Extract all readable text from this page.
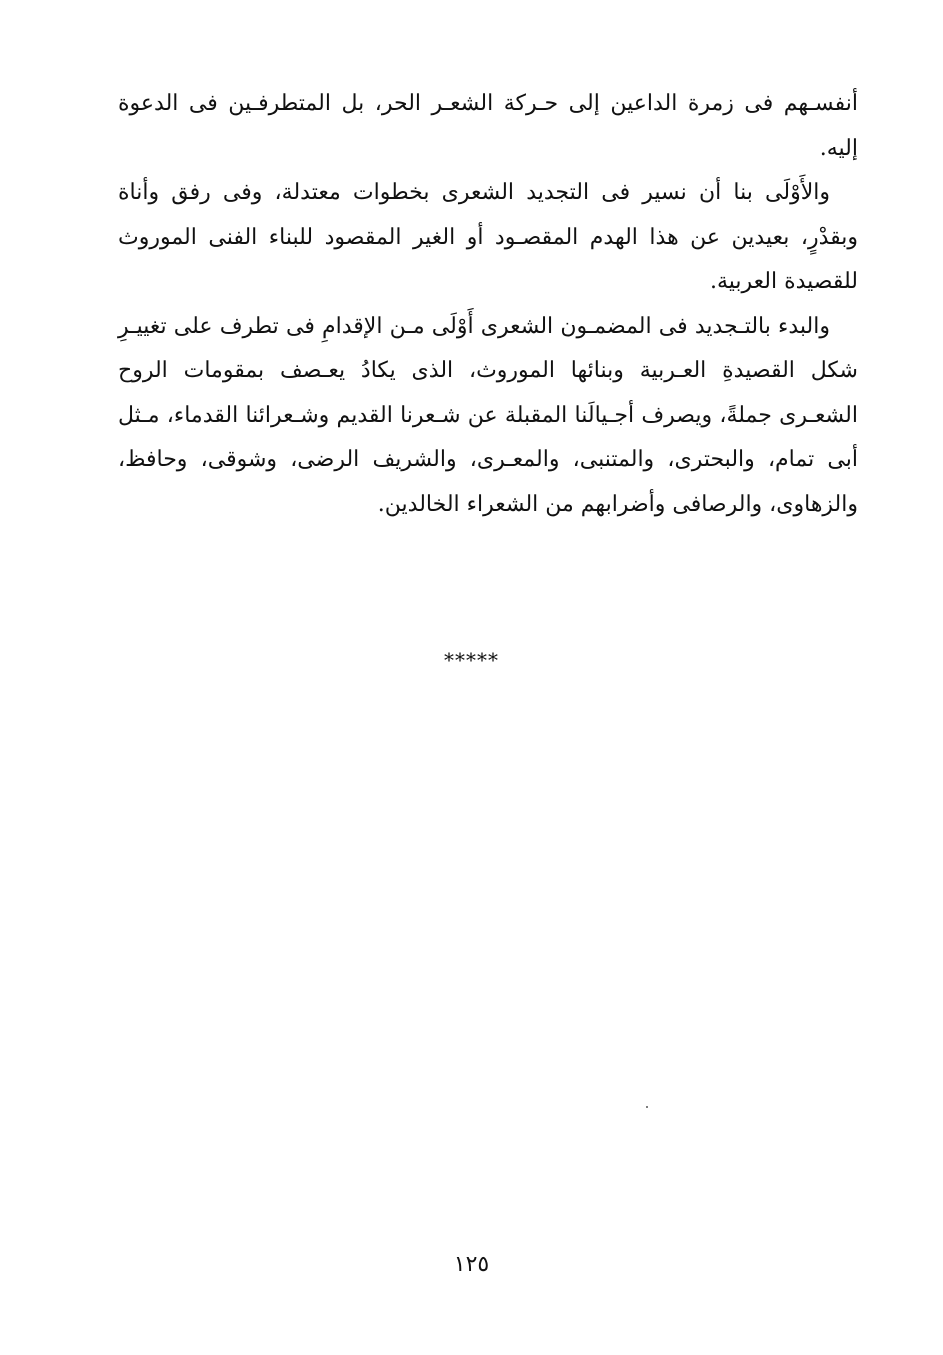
أنفسـهم فى زمرة الداعين إلى حـركة الشعـر الحر، بل المتطرفـين فى الدعوة إليه.

والأَوْلَى بنا أن نسير فى التجديد الشعرى بخطوات معتدلة، وفى رفق وأناة وبقدْرٍ، بعيدين عن هذا الهدم المقصـود أو الغير المقصود للبناء الفنى الموروث للقصيدة العربية.

والبدء بالتـجديد فى المضمـون الشعرى أَوْلَى مـن الإقدامِ فى تطرف على تغييـرِ شكل القصيدةِ العـربية وبنائها الموروث، الذى يكادُ يعـصف بمقومات الروح الشعـرى جملةً، ويصرف أجـيالَنا المقبلة عن شـعرنا القديم وشـعرائنا القدماء، مـثل أبى تمام، والبحترى، والمتنبى، والمعـرى، والشريف الرضى، وشوقى، وحافظ، والزهاوى، والرصافى وأضرابهم من الشعراء الخالدين.

*****
١٢٥
